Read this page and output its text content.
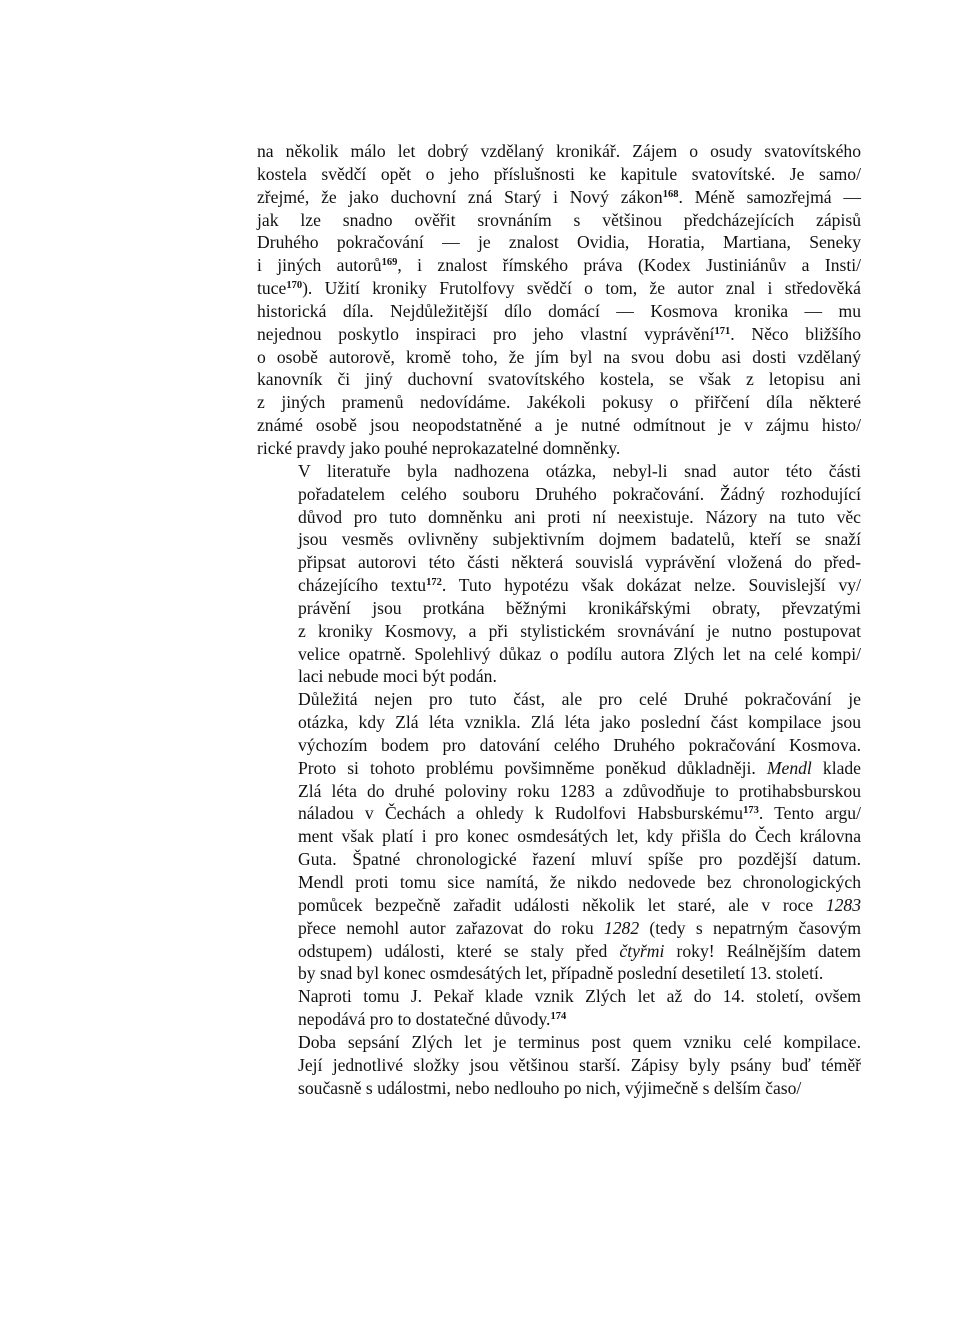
na několik málo let dobrý vzdělaný kronikář. Zájem o osudy svatovítského
kostela svědčí opět o jeho příslušnosti ke kapitule svatovítské. Je samo/
zřejmé, že jako duchovní zná Starý i Nový zákon$^{168}$. Méně samozřejmá —
jak lze snadno ověřit srovnáním s většinou předcházejících zápisů
Druhého pokračování — je znalost Ovidia, Horatia, Martiana, Seneky
i jiných autorů$^{169}$, i znalost římského práva (Kodex Justiniánův a Insti/
tuce$^{170}$). Užití kroniky Frutolfovy svědčí o tom, že autor znal i středověká
historická díla. Nejdůležitější dílo domácí — Kosmova kronika — mu
nejednou poskytlo inspiraci pro jeho vlastní vyprávění$^{171}$. Něco bližšího
o osobě autorově, kromě toho, že jím byl na svou dobu asi dosti vzdělaný
kanovník či jiný duchovní svatovítského kostela, se však z letopisu ani
z jiných pramenů nedovídáme. Jakékoli pokusy o přiřčení díla některé
známé osobě jsou neopodstatněné a je nutné odmítnout je v zájmu histo/
rické pravdy jako pouhé neprokazatelné domněnky.

V literatuře byla nadhozena otázka, nebyl-li snad autor této části
pořadatelem celého souboru Druhého pokračování. Žádný rozhodující
důvod pro tuto domněnku ani proti ní neexistuje. Názory na tuto věc
jsou vesměs ovlivněny subjektivním dojmem badatelů, kteří se snaží
připsat autorovi této části některá souvislá vyprávění vložená do před-
cházejícího textu$^{172}$. Tuto hypotézu však dokázat nelze. Souvislejší vy/
právění jsou protkána běžnými kronikářskými obraty, převzatými
z kroniky Kosmovy, a při stylistickém srovnávání je nutno postupovat
velice opatrně. Spolehlivý důkaz o podílu autora Zlých let na celé kompi/
laci nebude moci být podán.

Důležitá nejen pro tuto část, ale pro celé Druhé pokračování je
otázka, kdy Zlá léta vznikla. Zlá léta jako poslední část kompilace jsou
výchozím bodem pro datování celého Druhého pokračování Kosmova.
Proto si tohoto problému povšimněme poněkud důkladněji. Mendl klade
Zlá léta do druhé poloviny roku 1283 a zdůvodňuje to protihabsburskou
náladou v Čechách a ohledy k Rudolfovi Habsburskému$^{173}$. Tento argu/
ment však platí i pro konec osmdesátých let, kdy přišla do Čech královna
Guta. Špatné chronologické řazení mluví spíše pro pozdější datum.
Mendl proti tomu sice namítá, že nikdo nedovede bez chronologických
pomůcek bezpečně zařadit události několik let staré, ale v roce 1283
přece nemohl autor zařazovat do roku 1282 (tedy s nepatrným časovým
odstupem) události, které se staly před čtyřmi roky! Reálnějším datem
by snad byl konec osmdesátých let, případně poslední desetiletí 13. století.

Naproti tomu J. Pekař klade vznik Zlých let až do 14. století, ovšem
nepodává pro to dostatečné důvody.$^{174}$

Doba sepsání Zlých let je terminus post quem vzniku celé kompilace.
Její jednotlivé složky jsou většinou starší. Zápisy byly psány buď téměř
současně s událostmi, nebo nedlouho po nich, výjimečně s delším časo/
